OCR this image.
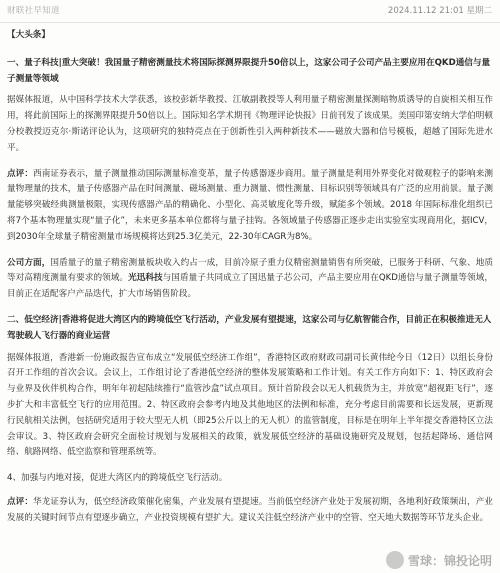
财联社早知道	2024.11.12 21:01 星期二
【大头条】
一、量子科技|重大突破！我国量子精密测量技术将国际探测界限提升50倍以上，这家公司子公司产品主要应用在QKD通信与量子测量等领域
据媒体报道，从中国科学技术大学获悉，该校彭新华教授、江敏副教授等人利用量子精密测量探测暗物质诱导的自旋相关相互作用，将此前国际上的探测界限提升50倍以上。国际知名学术期刊《物理评论快报》日前刊发了该成果。美国印第安纳大学伯明顿分校教授迈克尔·斯诺评论认为，这项研究的独特亮点在于创新性引入两种新技术——磁放大器和信号模板，超越了国际先进水平。
点评：西南证券表示，量子测量推动国际测量标准变革，量子传感器逐步商用。量子测量是利用外界变化对微观粒子的影响来测量物理量的技术，量子传感器产品在时间测量、磁场测量、重力测量、惯性测量、目标识别等领域具有广泛的应用前景。量子测量能够突破经典测量极限，实现传感器产品的精确化、小型化、高灵敏度化等升级，赋能多个领域。2018 年国际标准化组织已将7个基本物理量实现“量子化”，未来更多基本单位都将与量子挂钩。各领域量子传感器正逐步走出实验室实现商用化，据ICV，到2030年全球量子精密测量市场规模将达到25.3亿美元，22-30年CAGR为8%。
公司方面，国盾量子的量子精密测量板块收入约占一成，目前冷原子重力仪精密测量销售有所突破，已服务于科研、气象、地质等对高精度测量有要求的领域。光迅科技与国盾量子共同成立了国迅量子芯公司，产品主要应用在QKD通信与量子测量等领域，目前正在适配客户产品迭代，扩大市场销售阶段。
二、低空经济|香港将促进大湾区内的跨境低空飞行活动，产业发展有望提速，这家公司与亿航智能合作，目前正在积极推进无人驾驶载人飞行器的商业运营
据媒体报道，香港新一份施政报告宣布成立“发展低空经济工作组”，香港特区政府财政司副司长黄伟纶今日（12日）以组长身份召开工作组的首次会议。会议上，工作组讨论了香港低空经济的整体发展策略和工作计划。有关工作方向如下：1、特区政府会与业界及伙伴机构合作，明年年初起陆续推行“监管沙盒”试点项目。预计首阶段会以无人机载货为主，并放宽“超视距飞行”，逐步扩大和丰富低空飞行的应用范围。2、特区政府会参考内地及其他地区的法例和标准，充分考虑目前需要和长远发展，更新现行民航相关法例，包括研究适用于较大型无人机（即25公斤以上的无人机）的监管制度，目标是在明年上半年提交香港特区立法会审议。3、特区政府会研究全面检讨规划与发展相关的政策，就发展低空经济的基础设施研究及规划，包括起降场、通信网络、航路网络、低空监察和管理系统等。
4、加强与内地对接，促进大湾区内的跨境低空飞行活动。
点评：华龙证券认为，低空经济政策催化密集，产业发展有望提速。当前低空经济产业处于发展初期，各地利好政策频出，产业发展的关键时间节点有望逐步确立，产业投资规模有望扩大。建议关注低空经济产业中的空管、空天地大数据等环节龙头企业。
雪球：锦投论明
